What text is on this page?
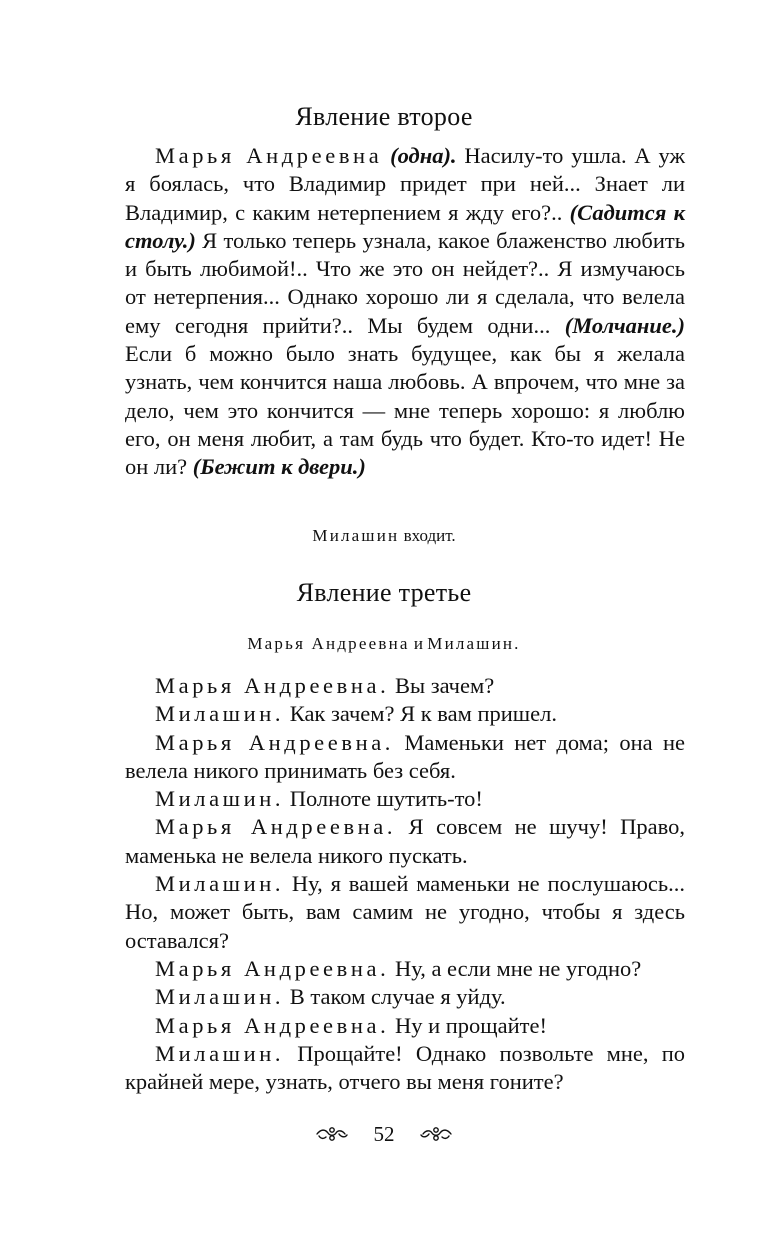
Явление второе

Марья Андреевна (одна). Насилу-то ушла. А уж я боялась, что Владимир придет при ней... Знает ли Владимир, с каким нетерпением я жду его?.. (Садится к столу.) Я только теперь узнала, какое блаженство любить и быть любимой!.. Что же это он нейдет?.. Я измучаюсь от нетерпения... Однако хорошо ли я сделала, что велела ему сегодня прийти?.. Мы будем одни... (Молчание.) Если б можно было знать будущее, как бы я желала узнать, чем кончится наша любовь. А впрочем, что мне за дело, чем это кончится — мне теперь хорошо: я люблю его, он меня любит, а там будь что будет. Кто-то идет! Не он ли? (Бежит к двери.)

Милашин входит.
Явление третье
Марья Андреевна и Милашин.

Марья Андреевна. Вы зачем?

Милашин. Как зачем? Я к вам пришел.

Марья Андреевна. Маменьки нет дома; она не велела никого принимать без себя.

Милашин. Полноте шутить-то!

Марья Андреевна. Я совсем не шучу! Право, маменька не велела никого пускать.

Милашин. Ну, я вашей маменьки не послушаюсь... Но, может быть, вам самим не угодно, чтобы я здесь оставался?

Марья Андреевна. Ну, а если мне не угодно?

Милашин. В таком случае я уйду.

Марья Андреевна. Ну и прощайте!

Милашин. Прощайте! Однако позвольте мне, по крайней мере, узнать, отчего вы меня гоните?

52
